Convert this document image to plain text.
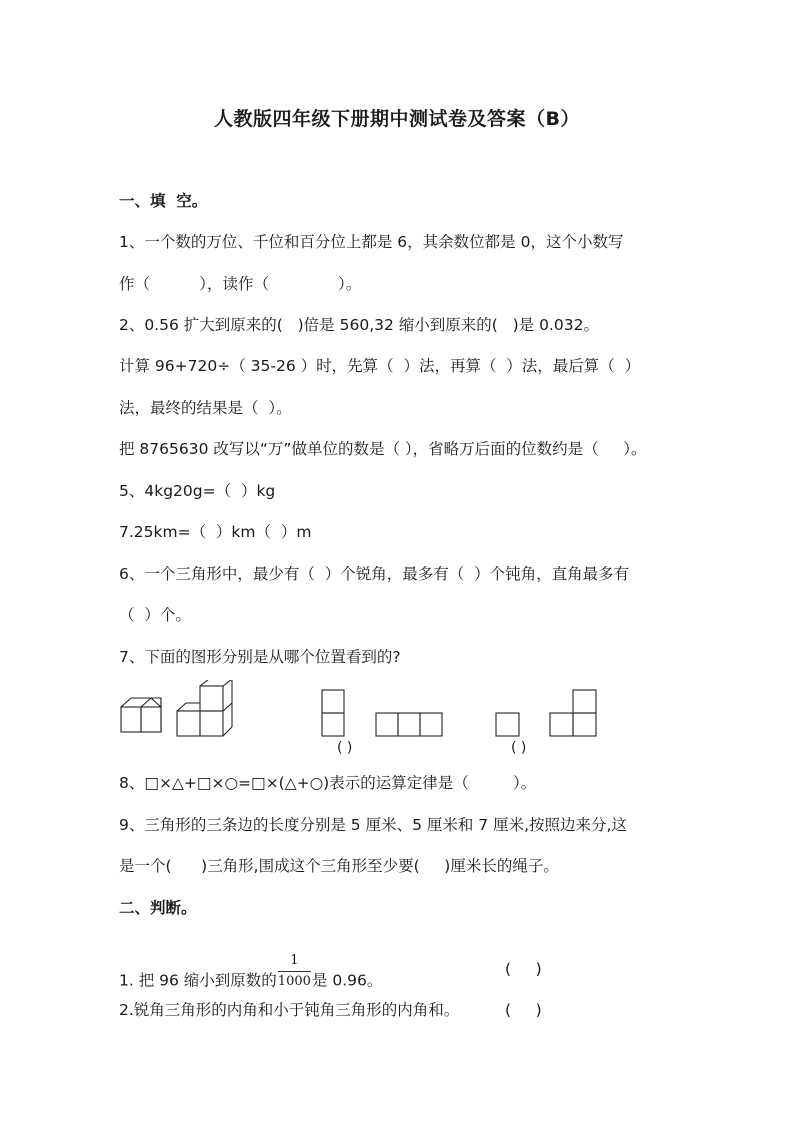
人教版四年级下册期中测试卷及答案（B）
一、填  空。
1、一个数的万位、千位和百分位上都是 6，其余数位都是 0，这个小数写
作（          ），读作（              ）。
2、0.56 扩大到原来的(   )倍是 560,32 缩小到原来的(   )是 0.032。
计算 96+720÷（ 35-26 ）时，先算（  ）法，再算（  ）法，最后算（  ）
法，最终的结果是（  ）。
把 8765630 改写以“万”做单位的数是（ ），省略万后面的位数约是（     ）。
5、4kg20g=（  ）kg
7.25km=（  ）km（  ）m
6、一个三角形中，最少有（  ）个锐角，最多有（  ）个钝角，直角最多有
（  ）个。
7、下面的图形分别是从哪个位置看到的?
( )	( )
8、□×△+□×○=□×(△+○)表示的运算定律是（         ）。
9、三角形的三条边的长度分别是 5 厘米、5 厘米和 7 厘米,按照边来分,这
是一个(      )三角形,围成这个三角形至少要(     )厘米长的绳子。
二、判断。
1. 把 96 缩小到原数的 $\frac{1}{1000}$ 是 0.96。
(     )
2.锐角三角形的内角和小于钝角三角形的内角和。	(     )
